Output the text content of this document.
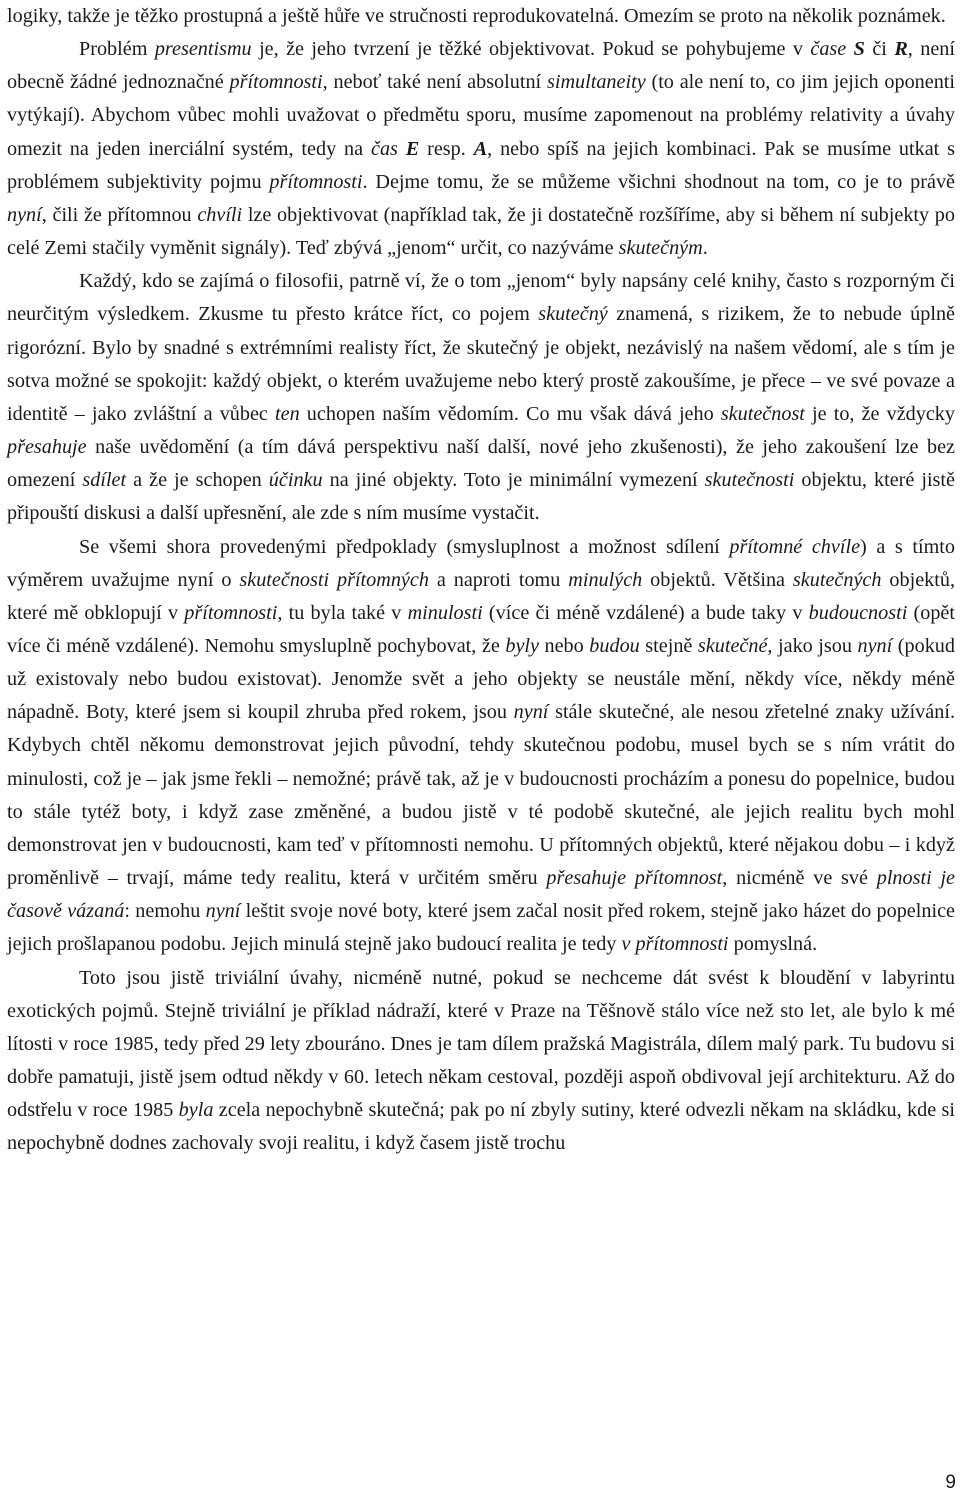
logiky, takže je těžko prostupná a ještě hůře ve stručnosti reprodukovatelná. Omezím se proto na několik poznámek.

Problém presentismu je, že jeho tvrzení je těžké objektivovat. Pokud se pohybujeme v čase S či R, není obecně žádné jednoznačné přítomnosti, neboť také není absolutní simultaneity (to ale není to, co jim jejich oponenti vytýkají). Abychom vůbec mohli uvažovat o předmětu sporu, musíme zapomenout na problémy relativity a úvahy omezit na jeden inerciální systém, tedy na čas E resp. A, nebo spíš na jejich kombinaci. Pak se musíme utkat s problémem subjektivity pojmu přítomnosti. Dejme tomu, že se můžeme všichni shodnout na tom, co je to právě nyní, čili že přítomnou chvíli lze objektivovat (například tak, že ji dostatečně rozšíříme, aby si během ní subjekty po celé Zemi stačily vyměnit signály). Teď zbývá „jenom“ určit, co nazýváme skutečným.

Každý, kdo se zajímá o filosofii, patrně ví, že o tom „jenom“ byly napsány celé knihy, často s rozporným či neurčitým výsledkem. Zkusme tu přesto krátce říct, co pojem skutečný znamená, s rizikem, že to nebude úplně rigorózní. Bylo by snadné s extrémními realisty říct, že skutečný je objekt, nezávislý na našem vědomí, ale s tím je sotva možné se spokojit: každý objekt, o kterém uvažujeme nebo který prostě zakoušíme, je přece – ve své povaze a identitě – jako zvláštní a vůbec ten uchopen naším vědomím. Co mu však dává jeho skutečnost je to, že vždycky přesahuje naše uvědomění (a tím dává perspektivu naší další, nové jeho zkušenosti), že jeho zakoušení lze bez omezení sdílet a že je schopen účinku na jiné objekty. Toto je minimální vymezení skutečnosti objektu, které jistě připouští diskusi a další upřesnění, ale zde s ním musíme vystačit.

Se všemi shora provedenými předpoklady (smysluplnost a možnost sdílení přítomné chvíle) a s tímto výměrem uvažujme nyní o skutečnosti přítomných a naproti tomu minulých objektů. Většina skutečných objektů, které mě obklopují v přítomnosti, tu byla také v minulosti (více či méně vzdálené) a bude taky v budoucnosti (opět více či méně vzdálené). Nemohu smysluplně pochybovat, že byly nebo budou stejně skutečné, jako jsou nyní (pokud už existovaly nebo budou existovat). Jenomže svět a jeho objekty se neustále mění, někdy více, někdy méně nápadně. Boty, které jsem si koupil zhruba před rokem, jsou nyní stále skutečné, ale nesou zřetelné znaky užívání. Kdybych chtěl někomu demonstrovat jejich původní, tehdy skutečnou podobu, musel bych se s ním vrátit do minulosti, což je – jak jsme řekli – nemožné; právě tak, až je v budoucnosti procházím a ponesu do popelnice, budou to stále tytéž boty, i když zase změněné, a budou jistě v té podobě skutečné, ale jejich realitu bych mohl demonstrovat jen v budoucnosti, kam teď v přítomnosti nemohu. U přítomných objektů, které nějakou dobu – i když proměnlivě – trvají, máme tedy realitu, která v určitém směru přesahuje přítomnost, nicméně ve své plnosti je časově vázaná: nemohu nyní leštit svoje nové boty, které jsem začal nosit před rokem, stejně jako házet do popelnice jejich prošlapanou podobu. Jejich minulá stejně jako budoucí realita je tedy v přítomnosti pomyslná.

Toto jsou jistě triviální úvahy, nicméně nutné, pokud se nechceme dát svést k bloudění v labyrintu exotických pojmů. Stejně triviální je příklad nádraží, které v Praze na Těšnově stálo více než sto let, ale bylo k mé lítosti v roce 1985, tedy před 29 lety zbouráno. Dnes je tam dílem pražská Magistrála, dílem malý park. Tu budovu si dobře pamatuji, jistě jsem odtud někdy v 60. letech někam cestoval, později aspoň obdivoval její architekturu. Až do odstřelu v roce 1985 byla zcela nepochybně skutečná; pak po ní zbyly sutiny, které odvezli někam na skládku, kde si nepochybně dodnes zachovaly svoji realitu, i když časem jistě trochu

9
